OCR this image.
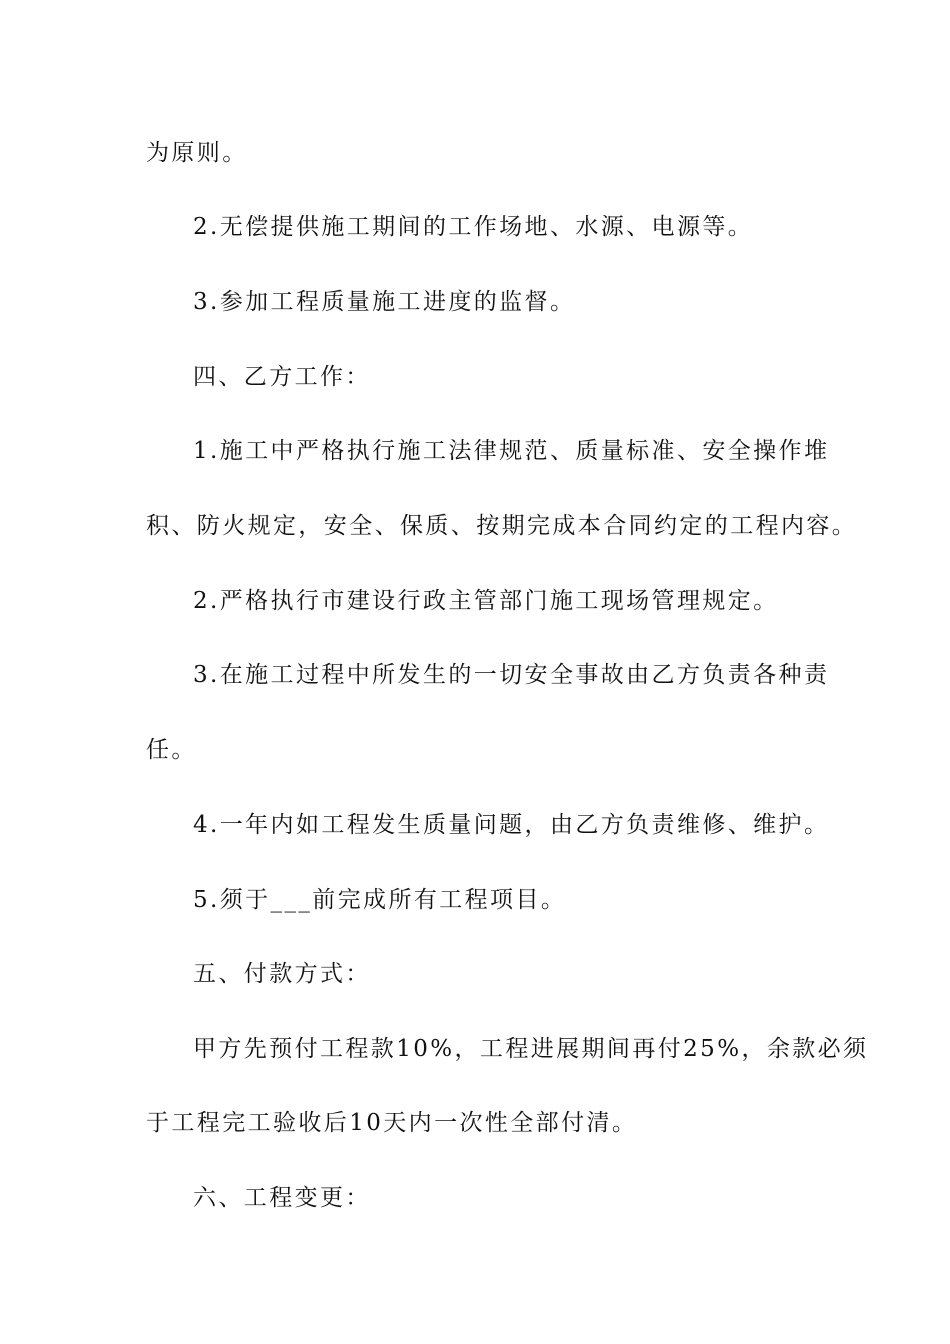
为原则。
2.无偿提供施工期间的工作场地、水源、电源等。
3.参加工程质量施工进度的监督。
四、乙方工作：
1.施工中严格执行施工法律规范、质量标准、安全操作堆
积、防火规定，安全、保质、按期完成本合同约定的工程内容。
2.严格执行市建设行政主管部门施工现场管理规定。
3.在施工过程中所发生的一切安全事故由乙方负责各种责
任。
4.一年内如工程发生质量问题，由乙方负责维修、维护。
5.须于___前完成所有工程项目。
五、付款方式：
甲方先预付工程款10%，工程进展期间再付25%，余款必须
于工程完工验收后10天内一次性全部付清。
六、工程变更：
